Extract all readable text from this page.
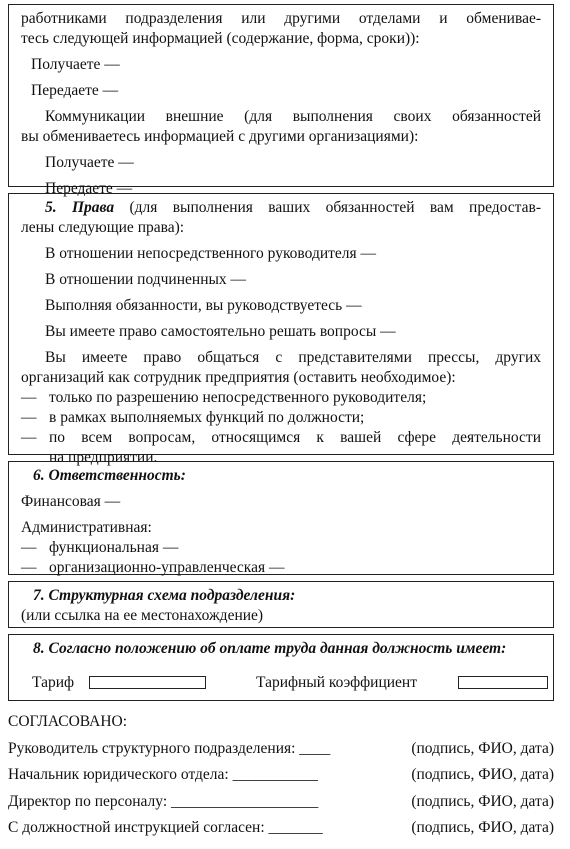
работниками подразделения или другими отделами и обменивае-
тесь следующей информацией (содержание, форма, сроки)):
Получаете —
Передаете —
Коммуникации внешние (для выполнения своих обязанностей
вы обмениваетесь информацией с другими организациями):
Получаете —
Передаете —
5. Права (для выполнения ваших обязанностей вам предостав-
лены следующие права):
В отношении непосредственного руководителя —
В отношении подчиненных —
Выполняя обязанности, вы руководствуетесь —
Вы имеете право самостоятельно решать вопросы —
Вы имеете право общаться с представителями прессы, других
организаций как сотрудник предприятия (оставить необходимое):
— только по разрешению непосредственного руководителя;
— в рамках выполняемых функций по должности;
— по всем вопросам, относящимся к вашей сфере деятельности
на предприятии.
6. Ответственность:
Финансовая —
Административная:
— функциональная —
— организационно-управленческая —
7. Структурная схема подразделения:
(или ссылка на ее местонахождение)
8. Согласно положению об оплате труда данная должность имеет:
Тариф	Тарифный коэффициент
СОГЛАСОВАНО:
Руководитель структурного подразделения: ____	(подпись, ФИО, дата)
Начальник юридического отдела: ___________	(подпись, ФИО, дата)
Директор по персоналу: ___________________	(подпись, ФИО, дата)
С должностной инструкцией согласен: _______	(подпись, ФИО, дата)
